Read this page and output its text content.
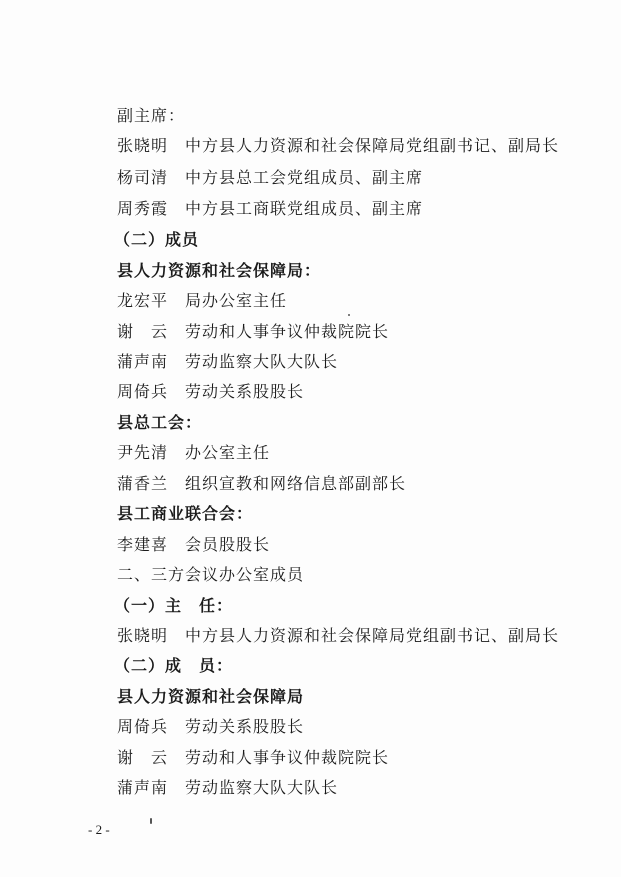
副主席：
张晓明 中方县人力资源和社会保障局党组副书记、副局长
杨司清 中方县总工会党组成员、副主席
周秀霞 中方县工商联党组成员、副主席
（二）成员
县人力资源和社会保障局：
龙宏平 局办公室主任
谢　云 劳动和人事争议仲裁院院长
蒲声南 劳动监察大队大队长
周倚兵 劳动关系股股长
县总工会：
尹先清 办公室主任
蒲香兰 组织宣教和网络信息部副部长
县工商业联合会：
李建喜 会员股股长
二、三方会议办公室成员
（一）主　任：
张晓明 中方县人力资源和社会保障局党组副书记、副局长
（二）成　员：
县人力资源和社会保障局
周倚兵 劳动关系股股长
谢　云 劳动和人事争议仲裁院院长
蒲声南 劳动监察大队大队长
- 2 -
